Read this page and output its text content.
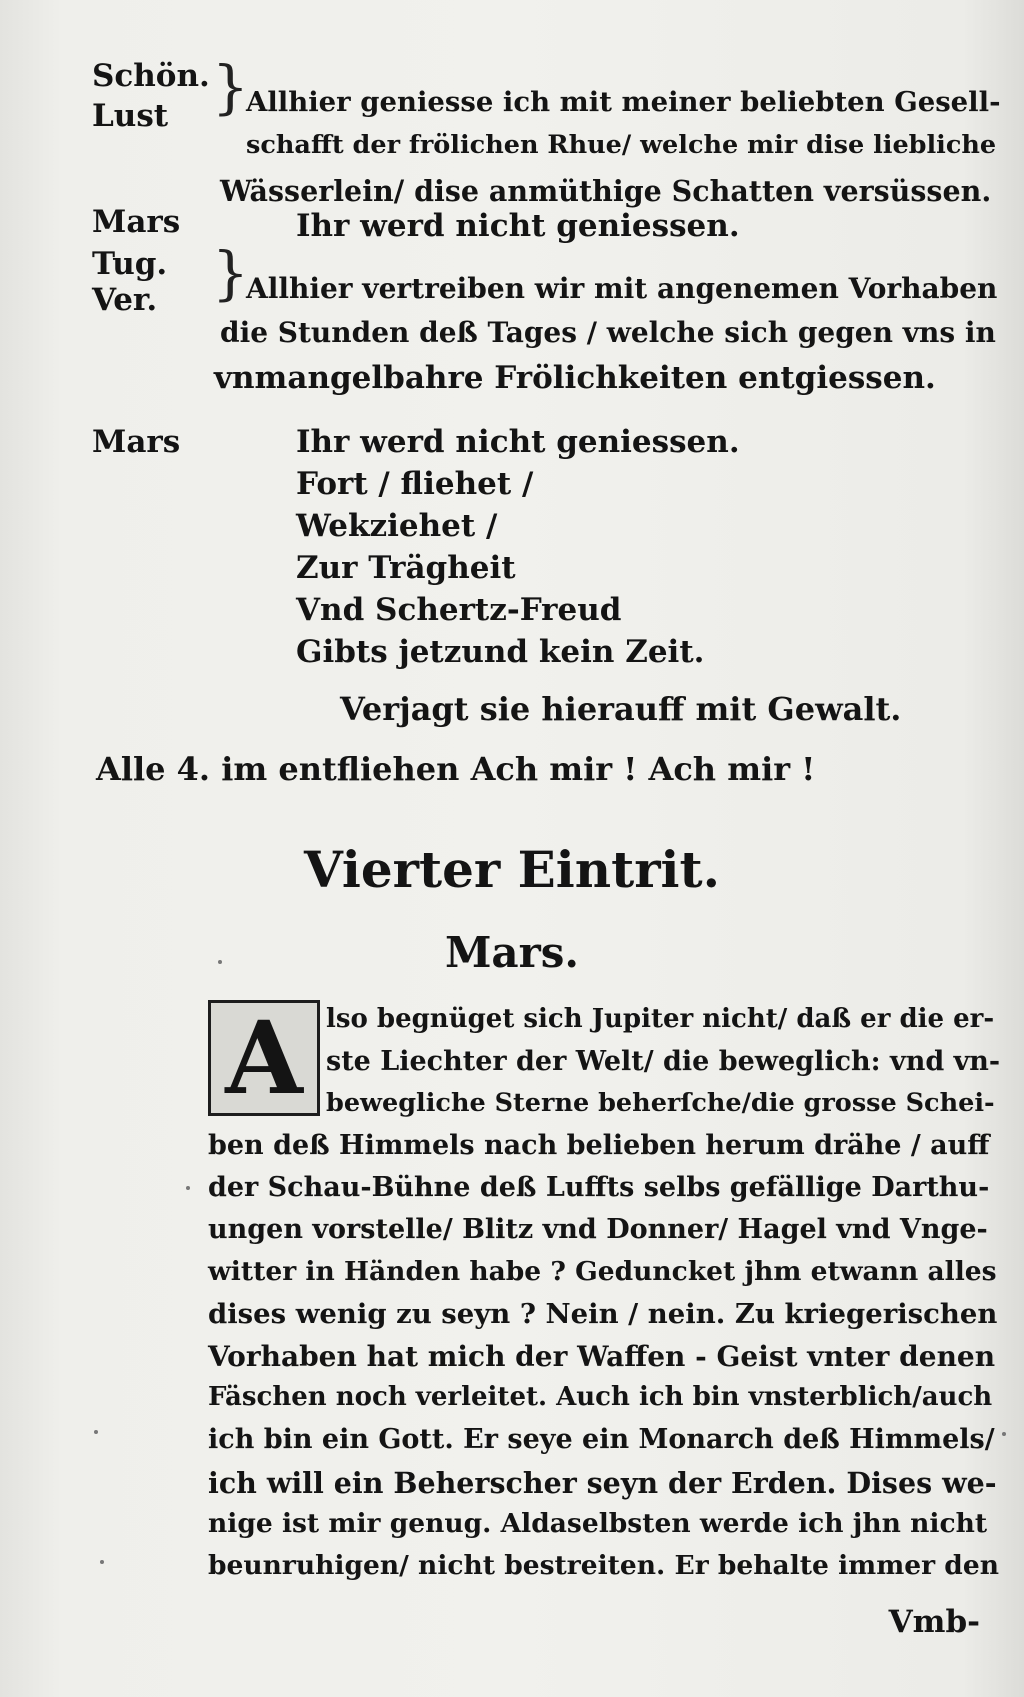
Schön.
Lust }
Allhier geniesse ich mit meiner beliebten Gesell-
schafft der frölichen Rhue/ welche mir dise liebliche
Wässerlein/ dise anmüthige Schatten versüssen.
Mars	Ihr werd nicht geniessen.
Tug.
Ver. }
Allhier vertreiben wir mit angenemen Vorhaben
die Stunden deß Tages / welche sich gegen vns in
vnmangelbahre Frölichkeiten entgiessen.
Mars	Ihr werd nicht geniessen.
Fort / fliehet /
Wekziehet /
Zur Trägheit
Vnd Schertz-Freud
Gibts jetzund kein Zeit.
Verjagt sie hierauff mit Gewalt.
Alle 4. im entfliehen Ach mir ! Ach mir !
Vierter Eintrit.
Mars.
A lso begnüget sich Jupiter nicht/ daß er die er-
ste Liechter der Welt/ die beweglich: vnd vn-
bewegliche Sterne beherſche/die grosse Schei-
ben deß Himmels nach belieben herum drähe / auff
der Schau-Bühne deß Luffts selbs gefällige Darthu-
ungen vorstelle/ Blitz vnd Donner/ Hagel vnd Vnge-
witter in Händen habe ? Geduncket jhm etwann alles
dises wenig zu seyn ? Nein / nein. Zu kriegerischen
Vorhaben hat mich der Waffen - Geist vnter denen
Fäschen noch verleitet. Auch ich bin vnsterblich/auch
ich bin ein Gott. Er seye ein Monarch deß Himmels/
ich will ein Beherscher seyn der Erden. Dises we-
nige ist mir genug. Aldaselbsten werde ich jhn nicht
beunruhigen/ nicht bestreiten. Er behalte immer den
Vmb-
